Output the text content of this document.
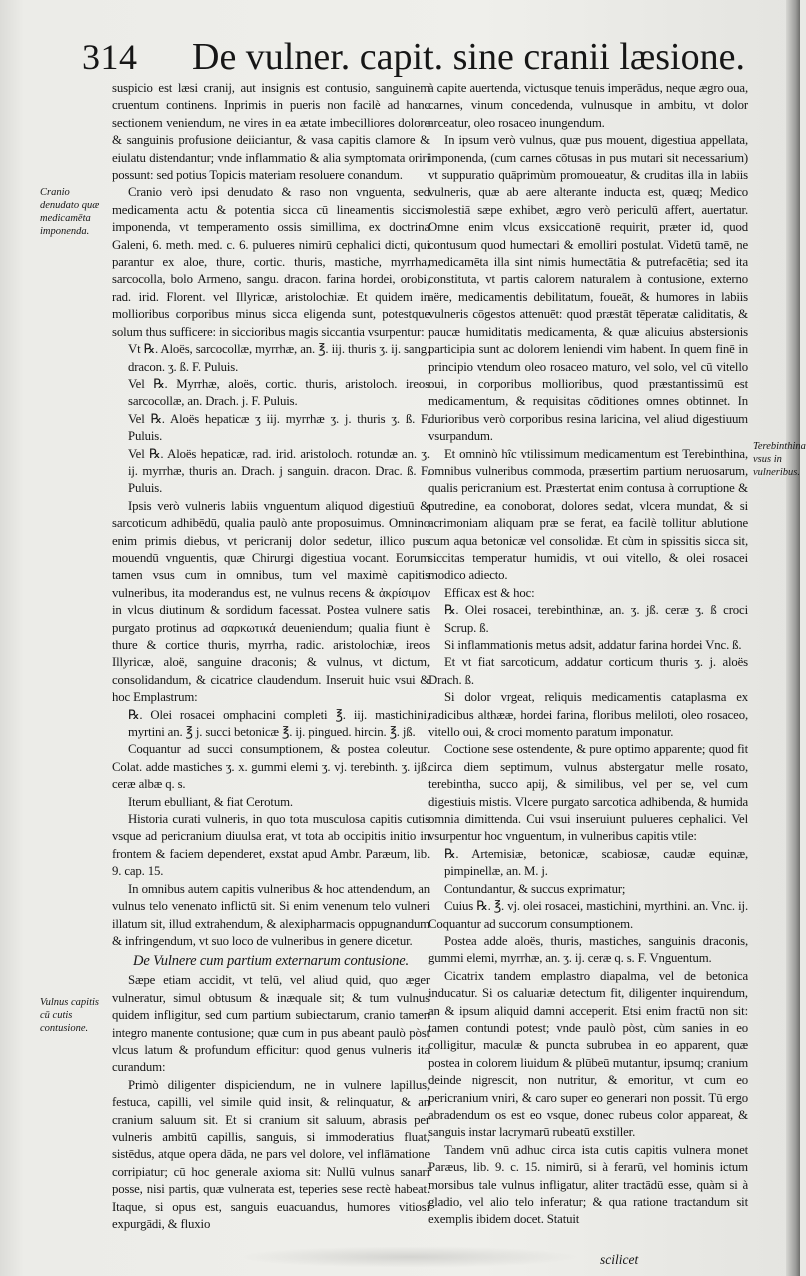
314 De vulner. capit. sine cranii læsione.

suspicio est læsi cranij, aut insignis est contusio, sanguinem cruentum continens. Inprimis in pueris non facilè ad hanc sectionem veniendum, ne vires in ea ætate imbecilliores dolore & sanguinis profusione deiiciantur, & vasa capitis clamore & eiulatu distendantur; vnde inflammatio & alia symptomata oriri possunt: sed potius Topicis materiam resoluere conandum.

Cranio verò ipsi denudato & raso non vnguenta, sed medicamenta actu & potentia sicca cū lineamentis siccis imponenda, vt temperamento ossis simillima, ex doctrina Galeni, 6. meth. med. c. 6. pulueres nimirū cephalici dicti, qui parantur ex aloe, thure, cortic. thuris, mastiche, myrrha, sarcocolla, bolo Armeno, sangu. dracon. farina hordei, orobi, rad. irid. Florent. vel Illyricæ, aristolochiæ. Et quidem in mollioribus corporibus minus sicca eligenda sunt, potestque solum thus sufficere: in siccioribus magis siccantia vsurpentur:

Vt ℞. Aloës, sarcocollæ, myrrhæ, an. ℥. iij. thuris ʒ. ij. sang. dracon. ʒ. ß. F. Puluis.

Vel ℞. Myrrhæ, aloës, cortic. thuris, aristoloch. ireos sarcocollæ, an. Drach. j. F. Puluis.

Vel ℞. Aloës hepaticæ ʒ iij. myrrhæ ʒ. j. thuris ʒ. ß. F. Puluis.

Vel ℞. Aloës hepaticæ, rad. irid. aristoloch. rotundæ an. ʒ. ij. myrrhæ, thuris an. Drach. j sanguin. dracon. Drac. ß. F. Puluis.

Ipsis verò vulneris labiis vnguentum aliquod digestiuū & sarcoticum adhibēdū, qualia paulò ante proposuimus. Omnino enim primis diebus, vt pericranij dolor sedetur, illico pus mouendū vnguentis, quæ Chirurgi digestiua vocant. Eorum tamen vsus cum in omnibus, tum vel maximè capitis vulneribus, ita moderandus est, ne vulnus recens & ἀκρίσιμον in vlcus diutinum & sordidum facessat. Postea vulnere satis purgato protinus ad σαρκωτικά deueniendum; qualia fiunt è thure & cortice thuris, myrrha, radic. aristolochiæ, ireos Illyricæ, aloë, sanguine draconis; & vulnus, vt dictum, consolidandum, & cicatrice claudendum. Inseruit huic vsui & hoc Emplastrum:

℞. Olei rosacei omphacini completi ℥. iij. mastichini, myrtini an. ℥ j. succi betonicæ ℥. ij. pingued. hircin. ℥. jß.

Coquantur ad succi consumptionem, & postea coleutur. Colat. adde mastiches ʒ. x. gummi elemi ʒ. vj. terebinth. ʒ. ijß. ceræ albæ q. s.

Iterum ebulliant, & fiat Cerotum.

Historia curati vulneris, in quo tota musculosa capitis cutis vsque ad pericranium diuulsa erat, vt tota ab occipitis initio in frontem & faciem dependeret, exstat apud Ambr. Paræum, lib. 9. cap. 15.

In omnibus autem capitis vulneribus & hoc attendendum, an vulnus telo venenato inflictū sit. Si enim venenum telo vulneri illatum sit, illud extrahendum, & alexipharmacis oppugnandum & infringendum, vt suo loco de vulneribus in genere dicetur.

De Vulnere cum partium externarum contusione.

Sæpe etiam accidit, vt telū, vel aliud quid, quo æger vulneratur, simul obtusum & inæquale sit; & tum vulnus quidem infligitur, sed cum partium subiectarum, cranio tamen integro manente contusione; quæ cum in pus abeant paulò pòst vlcus latum & profundum efficitur: quod genus vulneris ita curandum:

Primò diligenter dispiciendum, ne in vulnere lapillus, festuca, capilli, vel simile quid insit, & relinquatur, & an cranium saluum sit. Et si cranium sit saluum, abrasis per vulneris ambitū capillis, sanguis, si immoderatius fluat, sistēdus, atque opera dāda, ne pars vel dolore, vel inflāmatione corripiatur; cū hoc generale axioma sit: Nullū vulnus sanari posse, nisi partis, quæ vulnerata est, teperies sese rectè habeat. Itaque, si opus est, sanguis euacuandus, humores vitiosi expurgādi, & fluxio

à capite auertenda, victusque tenuis imperādus, neque ægro oua, carnes, vinum concedenda, vulnusque in ambitu, vt dolor arceatur, oleo rosaceo inungendum.

In ipsum verò vulnus, quæ pus mouent, digestiua appellata, imponenda, (cum carnes cōtusas in pus mutari sit necessarium) vt suppuratio quāprimùm promoueatur, & cruditas illa in labiis vulneris, quæ ab aere alterante inducta est, quæq; Medico molestiā sæpe exhibet, ægro verò periculū affert, auertatur. Omne enim vlcus exsiccationē requirit, præter id, quod contusum quod humectari & emolliri postulat. Videtū tamē, ne medicamēta illa sint nimis humectātia & putrefacētia; sed ita constituta, vt partis calorem naturalem à contusione, externo aëre, medicamentis debilitatum, foueāt, & humores in labiis vulneris cōgestos attenuēt: quod præstāt tēperatæ caliditatis, & paucæ humiditatis medicamenta, & quæ alicuius abstersionis participia sunt ac dolorem leniendi vim habent. In quem finē in principio vtendum oleo rosaceo maturo, vel solo, vel cū vitello oui, in corporibus mollioribus, quod præstantissimū est medicamentum, & requisitas cōditiones omnes obtinnet. In durioribus verò corporibus resina laricina, vel aliud digestiuum vsurpandum.

Et omninò hîc vtilissimum medicamentum est Terebinthina, omnibus vulneribus commoda, præsertim partium neruosarum, qualis pericranium est. Præstertat enim contusa à corruptione & putredine, ea conoborat, dolores sedat, vlcera mundat, & si acrimoniam aliquam præ se ferat, ea facilè tollitur ablutione cum aqua betonicæ vel consolidæ. Et cùm in spissitis sicca sit, siccitas temperatur humidis, vt oui vitello, & olei rosacei modico adiecto.

Efficax est & hoc:

℞. Olei rosacei, terebinthinæ, an. ʒ. jß. ceræ ʒ. ß croci Scrup. ß.

Si inflammationis metus adsit, addatur farina hordei Vnc. ß.

Et vt fiat sarcoticum, addatur corticum thuris ʒ. j. aloës Drach. ß.

Si dolor vrgeat, reliquis medicamentis cataplasma ex radicibus althææ, hordei farina, floribus meliloti, oleo rosaceo, vitello oui, & croci momento paratum imponatur.

Coctione sese ostendente, & pure optimo apparente; quod fit circa diem septimum, vulnus abstergatur melle rosato, terebintha, succo apij, & similibus, vel per se, vel cum digestiuis mistis. Vlcere purgato sarcotica adhibenda, & humida omnia dimittenda. Cui vsui inseruiunt pulueres cephalici. Vel vsurpentur hoc vnguentum, in vulneribus capitis vtile:

℞. Artemisiæ, betonicæ, scabiosæ, caudæ equinæ, pimpinellæ, an. M. j.

Contundantur, & succus exprimatur;

Cuius ℞. ℥. vj. olei rosacei, mastichini, myrthini. an. Vnc. ij. Coquantur ad succorum consumptionem.

Postea adde aloës, thuris, mastiches, sanguinis draconis, gummi elemi, myrrhæ, an. ʒ. ij. ceræ q. s. F. Vnguentum.

Cicatrix tandem emplastro diapalma, vel de betonica inducatur. Si os caluariæ detectum fit, diligenter inquirendum, an & ipsum aliquid damni acceperit. Etsi enim fractū non sit: tamen contundi potest; vnde paulò pòst, cùm sanies in eo colligitur, maculæ & puncta subrubea in eo apparent, quæ postea in colorem liuidum & plūbeū mutantur, ipsumq; cranium deinde nigrescit, non nutritur, & emoritur, vt cum eo pericranium vniri, & caro super eo generari non possit. Tū ergo abradendum os est eo vsque, donec rubeus color appareat, & sanguis instar lacrymarū rubeatū exstiller.

Tandem vnū adhuc circa ista cutis capitis vulnera monet Paræus, lib. 9. c. 15. nimirū, si à ferarū, vel hominis ictum morsibus tale vulnus infligatur, aliter tractādū esse, quàm si à gladio, vel alio telo inferatur; & qua ratione tractandum sit exemplis ibidem docet. Statuit

Cranio denudato quæ medicamēta imponenda.
Vulnus capitis cū cutis contusione.
Terebinthina vsus in vulneribus.
scilicet
